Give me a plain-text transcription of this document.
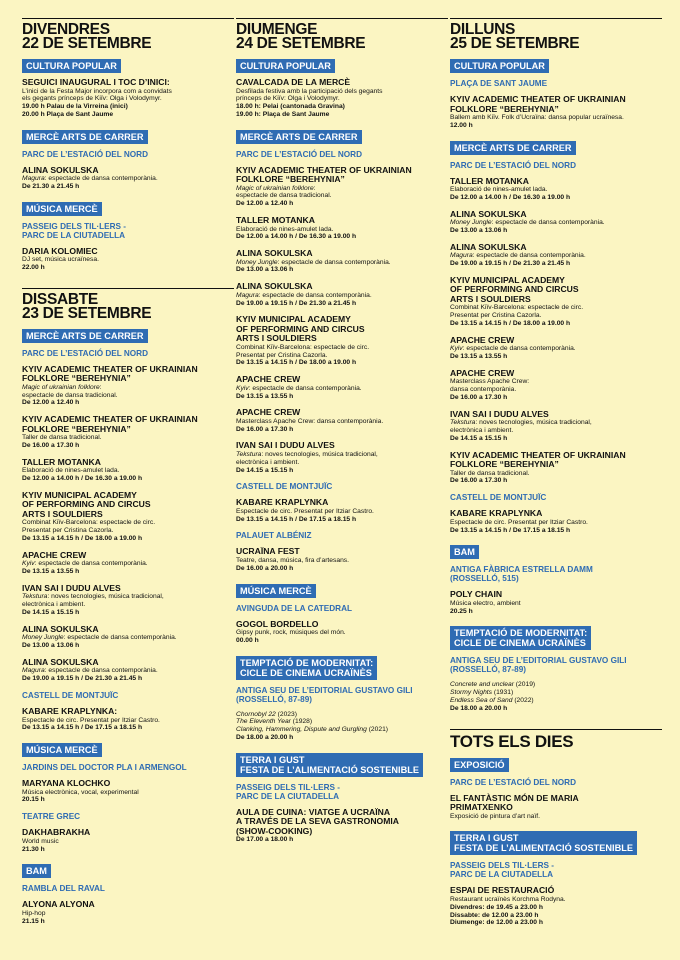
DIVENDRES
22 DE SETEMBRE
CULTURA POPULAR
SEGUICI INAUGURAL I TOC D’INICI:
L’inici de la Festa Major incorpora com a convidats
els gegants prínceps de Kiïv: Olga i Volodymyr.
19.00 h Palau de la Virreina (inici)
20.00 h Plaça de Sant Jaume
MERCÈ ARTS DE CARRER
PARC DE L’ESTACIÓ DEL NORD
ALINA SOKULSKA
Magura: espectacle de dansa contemporània.
De 21.30 a 21.45 h
MÚSICA MERCÈ
PASSEIG DELS TIL·LERS -
PARC DE LA CIUTADELLA
DARIA KOLOMIEC
DJ set, música ucraïnesa.
22.00 h
DISSABTE
23 DE SETEMBRE
MERCÈ ARTS DE CARRER
PARC DE L’ESTACIÓ DEL NORD
KYIV ACADEMIC THEATER OF UKRAINIAN
FOLKLORE “BEREHYNIA”
Magic of ukrainian folklore:
espectacle de dansa tradicional.
De 12.00 a 12.40 h
KYIV ACADEMIC THEATER OF UKRAINIAN
FOLKLORE “BEREHYNIA”
Taller de dansa tradicional.
De 16.00 a 17.30 h
TALLER MOTANKA
Elaboració de nines-amulet lada.
De 12.00 a 14.00 h / De 16.30 a 19.00 h
KYIV MUNICIPAL ACADEMY
OF PERFORMING AND CIRCUS
ARTS I SOULDIERS
Combinat Kiïv-Barcelona: espectacle de circ.
Presentat per Cristina Cazorla.
De 13.15 a 14.15 h / De 18.00 a 19.00 h
APACHE CREW
Kyiv: espectacle de dansa contemporània.
De 13.15 a 13.55 h
IVAN SAI I DUDU ALVES
Tekstura: noves tecnologies, música tradicional,
electrònica i ambient.
De 14.15 a 15.15 h
ALINA SOKULSKA
Money Jungle: espectacle de dansa contemporània.
De 13.00 a 13.06 h
ALINA SOKULSKA
Magura: espectacle de dansa contemporània.
De 19.00 a 19.15 h / De 21.30 a 21.45 h
CASTELL DE MONTJUÏC
KABARE KRAPLYNKA:
Espectacle de circ. Presentat per Itziar Castro.
De 13.15 a 14.15 h / De 17.15 a 18.15 h
MÚSICA MERCÈ
JARDINS DEL DOCTOR PLA I ARMENGOL
MARYANA KLOCHKO
Música electrònica, vocal, experimental
20.15 h
TEATRE GREC
DAKHABRAKHA
World music
21.30 h
BAM
RAMBLA DEL RAVAL
ALYONA ALYONA
Hip-hop
21.15 h
DIUMENGE
24 DE SETEMBRE
CULTURA POPULAR
CAVALCADA DE LA MERCÈ
Desfilada festiva amb la participació dels gegants
prínceps de Kiïv: Olga i Volodymyr.
18.00 h: Pelai (cantonada Gravina)
19.00 h: Plaça de Sant Jaume
MERCÈ ARTS DE CARRER
PARC DE L’ESTACIÓ DEL NORD
KYIV ACADEMIC THEATER OF UKRAINIAN
FOLKLORE “BEREHYNIA”
Magic of ukrainian folklore:
espectacle de dansa tradicional.
De 12.00 a 12.40 h
TALLER MOTANKA
Elaboració de nines-amulet lada.
De 12.00 a 14.00 h / De 16.30 a 19.00 h
ALINA SOKULSKA
Money Jungle: espectacle de dansa contemporània.
De 13.00 a 13.06 h
ALINA SOKULSKA
Magura: espectacle de dansa contemporània.
De 19.00 a 19.15 h / De 21.30 a 21.45 h
KYIV MUNICIPAL ACADEMY
OF PERFORMING AND CIRCUS
ARTS I SOULDIERS
Combinat Kiïv-Barcelona: espectacle de circ.
Presentat per Cristina Cazorla.
De 13.15 a 14.15 h / De 18.00 a 19.00 h
APACHE CREW
Kyiv: espectacle de dansa contemporània.
De 13.15 a 13.55 h
APACHE CREW
Masterclass Apache Crew: dansa contemporània.
De 16.00 a 17.30 h
IVAN SAI I DUDU ALVES
Tekstura: noves tecnologies, música tradicional,
electrònica i ambient.
De 14.15 a 15.15 h
CASTELL DE MONTJUÏC
KABARE KRAPLYNKA
Espectacle de circ. Presentat per Itziar Castro.
De 13.15 a 14.15 h / De 17.15 a 18.15 h
PALAUET ALBÉNIZ
UCRAÏNA FEST
Teatre, dansa, música, fira d’artesans.
De 16.00 a 20.00 h
MÚSICA MERCÈ
AVINGUDA DE LA CATEDRAL
GOGOL BORDELLO
Gipsy punk, rock, músiques del món.
00.00 h
TEMPTACIÓ DE MODERNITAT:
CICLE DE CINEMA UCRAÏNÈS
ANTIGA SEU DE L’EDITORIAL GUSTAVO GILI
(ROSSELLÓ, 87-89)
Chornobyl 22 (2023)
The Eleventh Year (1928)
Clanking, Hammering, Dispute and Gurgling (2021)
De 18.00 a 20.00 h
TERRA I GUST
FESTA DE L’ALIMENTACIÓ SOSTENIBLE
PASSEIG DELS TIL·LERS -
PARC DE LA CIUTADELLA
AULA DE CUINA: VIATGE A UCRAÏNA
A TRAVÉS DE LA SEVA GASTRONOMIA
(SHOW-COOKING)
De 17.00 a 18.00 h
DILLUNS
25 DE SETEMBRE
CULTURA POPULAR
PLAÇA DE SANT JAUME
KYIV ACADEMIC THEATER OF UKRAINIAN
FOLKLORE “BEREHYNIA”
Ballem amb Kiïv. Folk d’Ucraïna: dansa popular ucraïnesa.
12.00 h
MERCÈ ARTS DE CARRER
PARC DE L’ESTACIÓ DEL NORD
TALLER MOTANKA
Elaboració de nines-amulet lada.
De 12.00 a 14.00 h / De 16.30 a 19.00 h
ALINA SOKULSKA
Money Jungle: espectacle de dansa contemporània.
De 13.00 a 13.06 h
ALINA SOKULSKA
Magura: espectacle de dansa contemporània.
De 19.00 a 19.15 h / De 21.30 a 21.45 h
KYIV MUNICIPAL ACADEMY
OF PERFORMING AND CIRCUS
ARTS I SOULDIERS
Combinat Kiïv-Barcelona: espectacle de circ.
Presentat per Cristina Cazorla.
De 13.15 a 14.15 h / De 18.00 a 19.00 h
APACHE CREW
Kyiv: espectacle de dansa contemporània.
De 13.15 a 13.55 h
APACHE CREW
Masterclass Apache Crew:
dansa contemporània.
De 16.00 a 17.30 h
IVAN SAI I DUDU ALVES
Tekstura: noves tecnologies, música tradicional,
electrònica i ambient.
De 14.15 a 15.15 h
KYIV ACADEMIC THEATER OF UKRAINIAN
FOLKLORE “BEREHYNIA”
Taller de dansa tradicional.
De 16.00 a 17.30 h
CASTELL DE MONTJUÏC
KABARE KRAPLYNKA
Espectacle de circ. Presentat per Itziar Castro.
De 13.15 a 14.15 h / De 17.15 a 18.15 h
BAM
ANTIGA FÀBRICA ESTRELLA DAMM
(ROSSELLÓ, 515)
POLY CHAIN
Música electro, ambient
20.25 h
TEMPTACIÓ DE MODERNITAT:
CICLE DE CINEMA UCRAÏNÈS
ANTIGA SEU DE L’EDITORIAL GUSTAVO GILI
(ROSSELLÓ, 87-89)
Concrete and unclear (2019)
Stormy Nights (1931)
Endless Sea of Sand (2022)
De 18.00 a 20.00 h
TOTS ELS DIES
EXPOSICIÓ
PARC DE L’ESTACIÓ DEL NORD
EL FANTÀSTIC MÓN DE MARIA
PRIMATXENKO
Exposició de pintura d’art naïf.
TERRA I GUST
FESTA DE L’ALIMENTACIÓ SOSTENIBLE
PASSEIG DELS TIL·LERS -
PARC DE LA CIUTADELLA
ESPAI DE RESTAURACIÓ
Restaurant ucraïnès Korchma Rodyna.
Divendres: de 19.45 a 23.00 h
Dissabte: de 12.00 a 23.00 h
Diumenge: de 12.00 a 23.00 h
